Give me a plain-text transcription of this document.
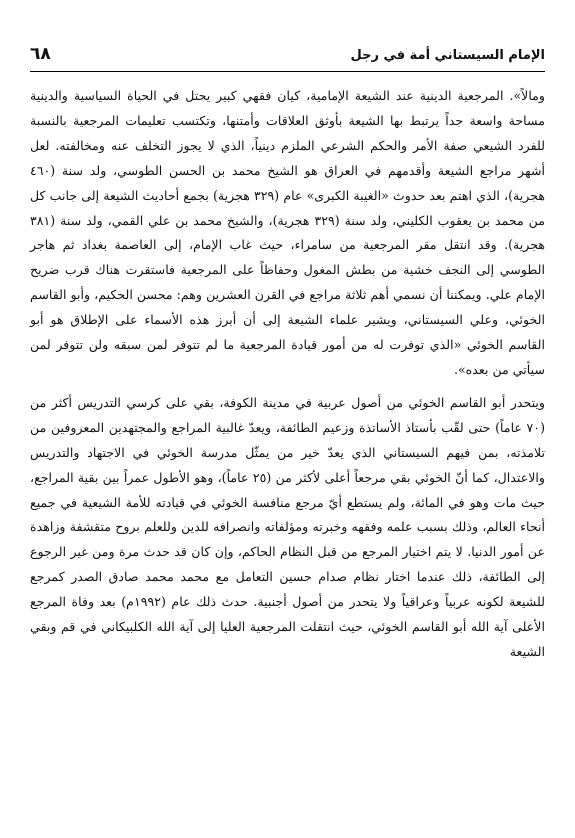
٦٨	الإمام السيستاني أمة في رجل

ومالاً». المرجعية الدينية عند الشيعة الإمامية، كيان فقهي كبير يحتل في الحياة السياسية والدينية مساحة واسعة جداً يرتبط بها الشيعة بأوثق العلاقات وأمتنها، وتكتسب تعليمات المرجعية بالنسبة للفرد الشيعي صفة الأمر والحكم الشرعي الملزم دينياً، الذي لا يجوز التخلف عنه ومخالفته. لعل أشهر مراجع الشيعة وأقدمهم في العراق هو الشيخ محمد بن الحسن الطوسي، ولد سنة (٤٦٠ هجرية)، الذي اهتم بعد حدوث «الغيبة الكبرى» عام (٣٢٩ هجرية) بجمع أحاديث الشيعة إلى جانب كل من محمد بن يعقوب الكليني، ولد سنة (٣٢٩ هجرية)، والشيخ محمد بن علي القمي، ولد سنة (٣٨١ هجرية). وقد انتقل مقر المرجعية من سامراء، حيث غاب الإمام، إلى العاصمة بغداد ثم هاجر الطوسي إلى النجف خشية من بطش المغول وحفاظاً على المرجعية فاستقرت هناك قرب ضريح الإمام علي. ويمكننا أن نسمي أهم ثلاثة مراجع في القرن العشرين وهم: محسن الحكيم، وأبو القاسم الخوئي، وعلي السيستاني، ويشير علماء الشيعة إلى أن أبرز هذه الأسماء على الإطلاق هو أبو القاسم الخوئي «الذي توفرت له من أمور قيادة المرجعية ما لم تتوفر لمن سبقه ولن تتوفر لمن سيأتي من بعده».

ويتحدر أبو القاسم الخوئي من أصول عربية في مدينة الكوفة، بقي على كرسي التدريس أكثر من (٧٠ عاماً) حتى لقّب بأستاذ الأساتذة وزعيم الطائفة، ويعدّ غالبية المراجع والمجتهدين المعروفين من تلامذته، بمن فيهم السيستاني الذي يعدّ خير من يمثّل مدرسة الخوئي في الاجتهاد والتدريس والاعتدال، كما أنّ الخوئي بقي مرجعاً أعلى لأكثر من (٢٥ عاماً)، وهو الأطول عمراً بين بقية المراجع، حيث مات وهو في المائة، ولم يستطع أيّ مرجع منافسة الخوئي في قيادته للأمة الشيعية في جميع أنحاء العالم، وذلك بسبب علمه وفقهه وخبرته ومؤلفاته وانصرافه للدين وللعلم بروح متقشفة وزاهدة عن أمور الدنيا. لا يتم اختيار المرجع من قبل النظام الحاكم، وإن كان قد حدث مرة ومن غير الرجوع إلى الطائفة، ذلك عندما اختار نظام صدام حسين التعامل مع محمد محمد صادق الصدر كمرجع للشيعة لكونه عربياً وعراقياً ولا يتحدر من أصول أجنبية. حدث ذلك عام (١٩٩٢م) بعد وفاة المرجع الأعلى آية الله أبو القاسم الخوئي، حيث انتقلت المرجعية العليا إلى آية الله الكلبيكاني في قم وبقي الشيعة
